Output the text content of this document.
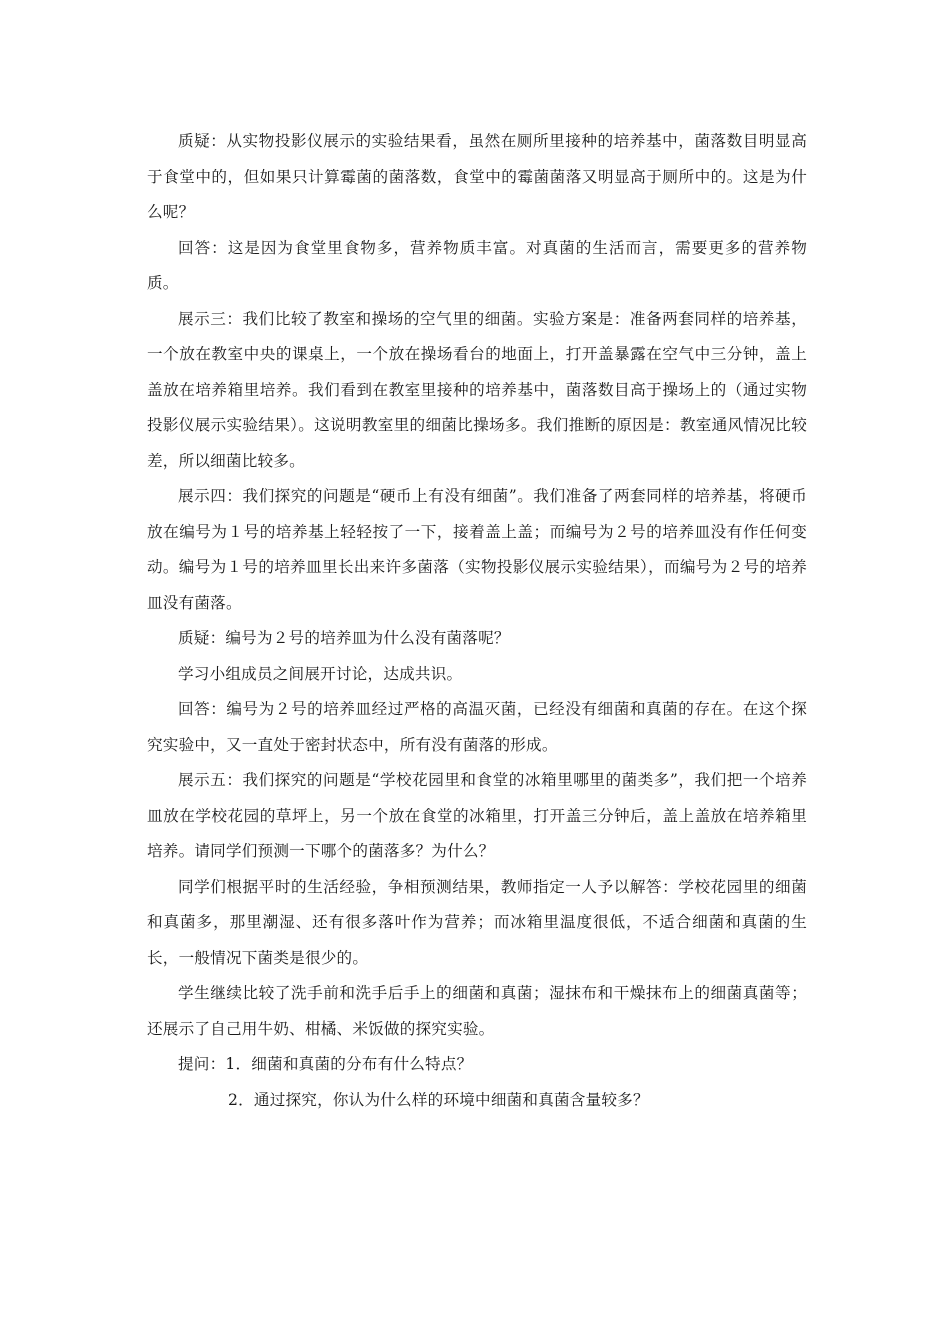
质疑：从实物投影仪展示的实验结果看，虽然在厕所里接种的培养基中，菌落数目明显高于食堂中的，但如果只计算霉菌的菌落数，食堂中的霉菌菌落又明显高于厕所中的。这是为什么呢？

回答：这是因为食堂里食物多，营养物质丰富。对真菌的生活而言，需要更多的营养物质。

展示三：我们比较了教室和操场的空气里的细菌。实验方案是：准备两套同样的培养基，一个放在教室中央的课桌上，一个放在操场看台的地面上，打开盖暴露在空气中三分钟，盖上盖放在培养箱里培养。我们看到在教室里接种的培养基中，菌落数目高于操场上的（通过实物投影仪展示实验结果）。这说明教室里的细菌比操场多。我们推断的原因是：教室通风情况比较差，所以细菌比较多。

展示四：我们探究的问题是“硬币上有没有细菌”。我们准备了两套同样的培养基，将硬币放在编号为１号的培养基上轻轻按了一下，接着盖上盖；而编号为２号的培养皿没有作任何变动。编号为１号的培养皿里长出来许多菌落（实物投影仪展示实验结果），而编号为２号的培养皿没有菌落。

质疑：编号为２号的培养皿为什么没有菌落呢？

学习小组成员之间展开讨论，达成共识。

回答：编号为２号的培养皿经过严格的高温灭菌，已经没有细菌和真菌的存在。在这个探究实验中，又一直处于密封状态中，所有没有菌落的形成。

展示五：我们探究的问题是“学校花园里和食堂的冰箱里哪里的菌类多”，我们把一个培养皿放在学校花园的草坪上，另一个放在食堂的冰箱里，打开盖三分钟后，盖上盖放在培养箱里培养。请同学们预测一下哪个的菌落多？为什么？

同学们根据平时的生活经验，争相预测结果，教师指定一人予以解答：学校花园里的细菌和真菌多，那里潮湿、还有很多落叶作为营养；而冰箱里温度很低，不适合细菌和真菌的生长，一般情况下菌类是很少的。

学生继续比较了洗手前和洗手后手上的细菌和真菌；湿抹布和干燥抹布上的细菌真菌等；还展示了自己用牛奶、柑橘、米饭做的探究实验。

提问：1．细菌和真菌的分布有什么特点？

2．通过探究，你认为什么样的环境中细菌和真菌含量较多？
